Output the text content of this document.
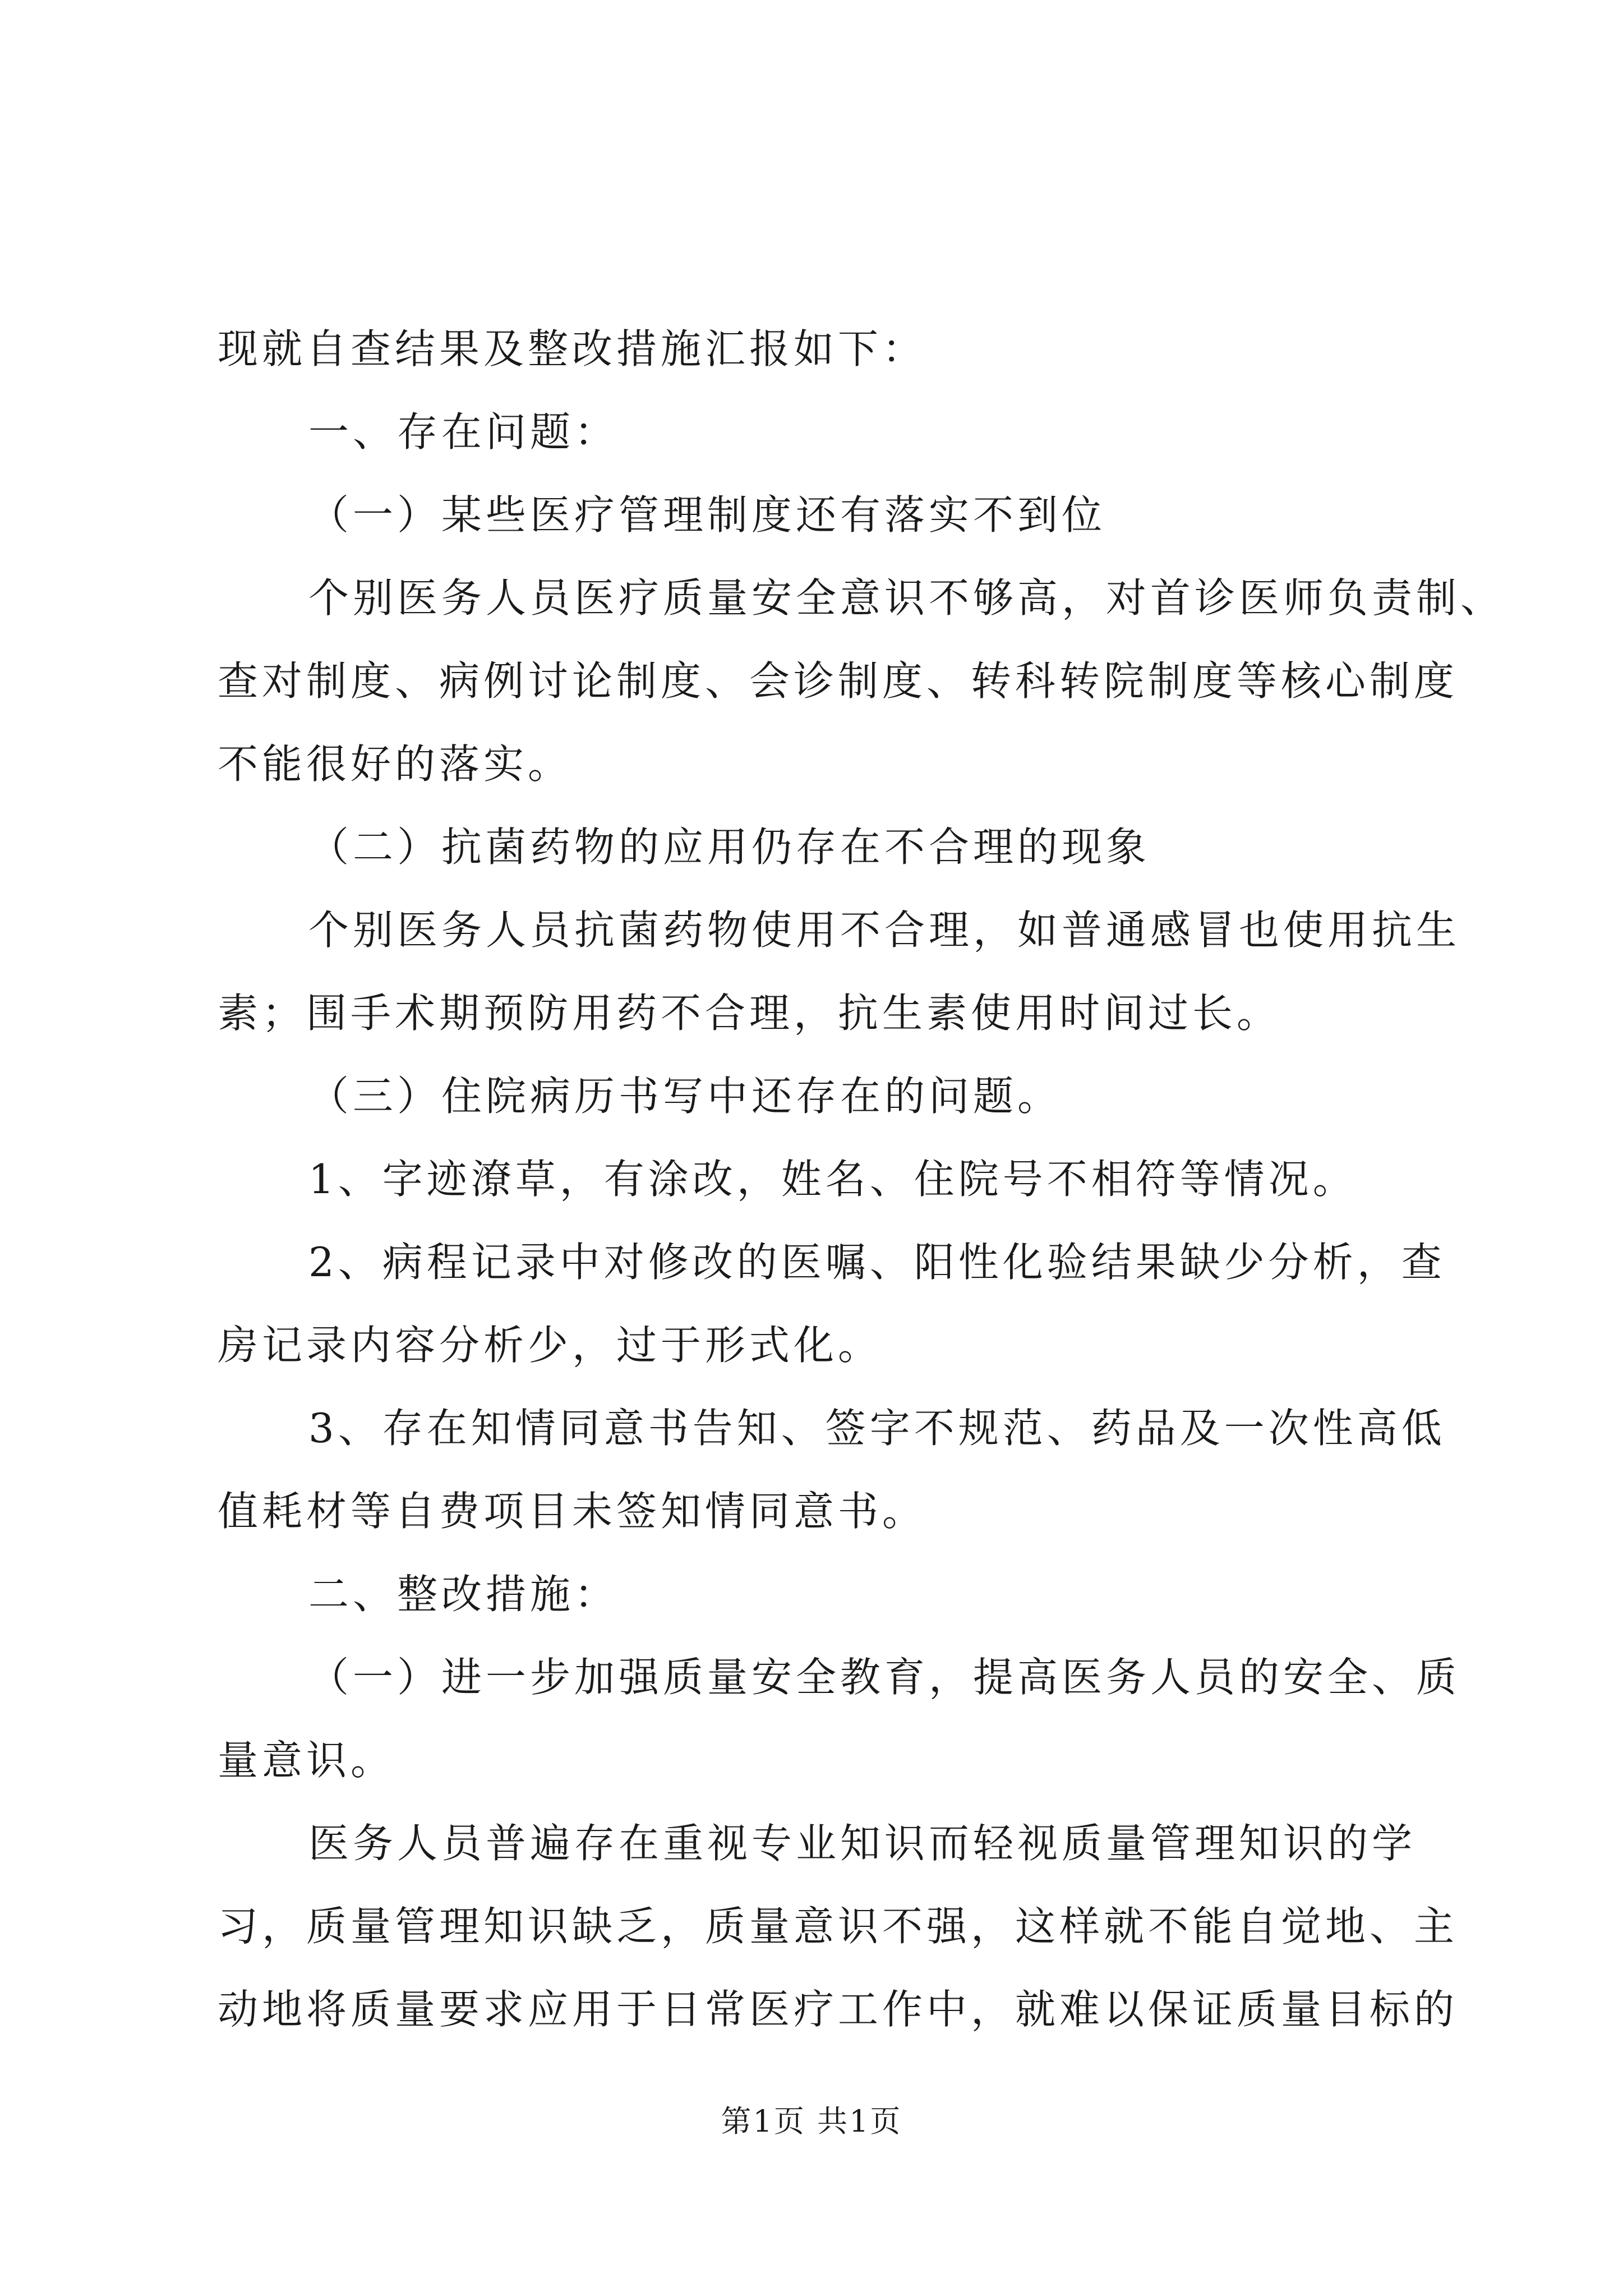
现就自查结果及整改措施汇报如下：
一、存在问题：
（一）某些医疗管理制度还有落实不到位
个别医务人员医疗质量安全意识不够高，对首诊医师负责制、
查对制度、病例讨论制度、会诊制度、转科转院制度等核心制度
不能很好的落实。
（二）抗菌药物的应用仍存在不合理的现象
个别医务人员抗菌药物使用不合理，如普通感冒也使用抗生
素；围手术期预防用药不合理，抗生素使用时间过长。
（三）住院病历书写中还存在的问题。
1、字迹潦草，有涂改，姓名、住院号不相符等情况。
2、病程记录中对修改的医嘱、阳性化验结果缺少分析，查
房记录内容分析少，过于形式化。
3、存在知情同意书告知、签字不规范、药品及一次性高低
值耗材等自费项目未签知情同意书。
二、整改措施：
（一）进一步加强质量安全教育，提高医务人员的安全、质
量意识。
医务人员普遍存在重视专业知识而轻视质量管理知识的学
习，质量管理知识缺乏，质量意识不强，这样就不能自觉地、主
动地将质量要求应用于日常医疗工作中，就难以保证质量目标的
第1页 共1页
